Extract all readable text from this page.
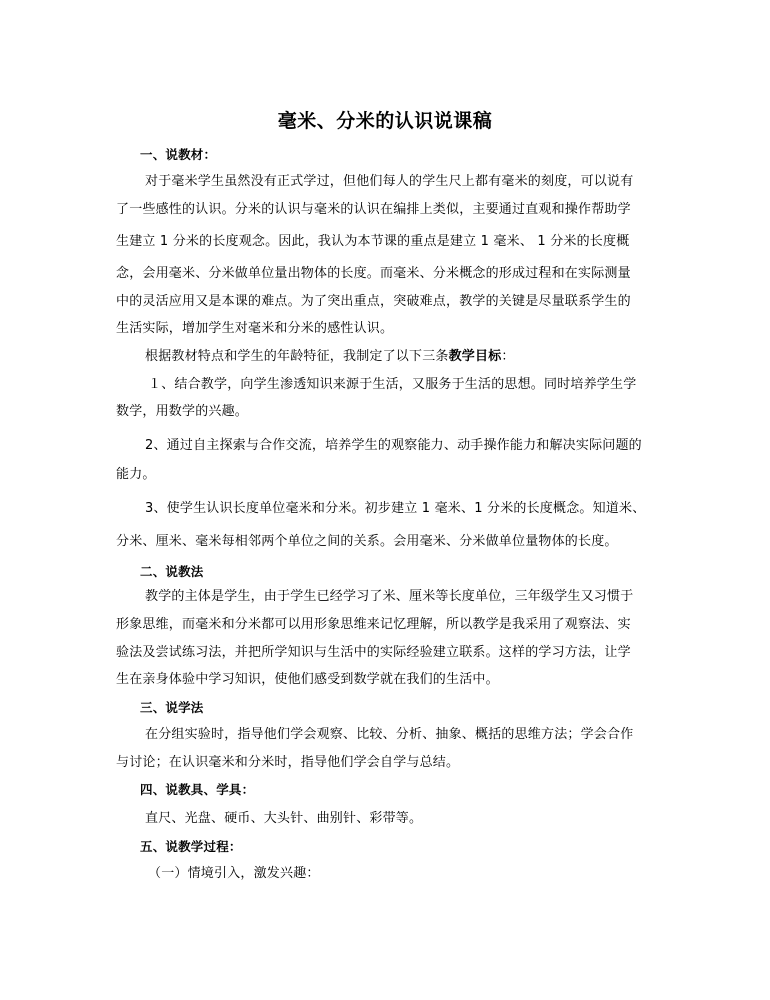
毫米、分米的认识说课稿
一、说教材：
对于毫米学生虽然没有正式学过，但他们每人的学生尺上都有毫米的刻度，可以说有
了一些感性的认识。分米的认识与毫米的认识在编排上类似，主要通过直观和操作帮助学
生建立 1 分米的长度观念。因此，我认为本节课的重点是建立 1 毫米、 1 分米的长度概
念，会用毫米、分米做单位量出物体的长度。而毫米、分米概念的形成过程和在实际测量
中的灵活应用又是本课的难点。为了突出重点，突破难点，教学的关键是尽量联系学生的
生活实际，增加学生对毫米和分米的感性认识。
根据教材特点和学生的年龄特征，我制定了以下三条教学目标：
１、结合教学，向学生渗透知识来源于生活，又服务于生活的思想。同时培养学生学
数学，用数学的兴趣。
2、通过自主探索与合作交流，培养学生的观察能力、动手操作能力和解决实际问题的
能力。
3、使学生认识长度单位毫米和分米。初步建立 1 毫米、1 分米的长度概念。知道米、
分米、厘米、毫米每相邻两个单位之间的关系。会用毫米、分米做单位量物体的长度。
二、说教法
教学的主体是学生，由于学生已经学习了米、厘米等长度单位，三年级学生又习惯于
形象思维，而毫米和分米都可以用形象思维来记忆理解，所以教学是我采用了观察法、实
验法及尝试练习法，并把所学知识与生活中的实际经验建立联系。这样的学习方法，让学
生在亲身体验中学习知识，使他们感受到数学就在我们的生活中。
三、说学法
在分组实验时，指导他们学会观察、比较、分析、抽象、概括的思维方法；学会合作
与讨论；在认识毫米和分米时，指导他们学会自学与总结。
四、说教具、学具：
直尺、光盘、硬币、大头针、曲别针、彩带等。
五、说教学过程：
（一）情境引入，激发兴趣：
